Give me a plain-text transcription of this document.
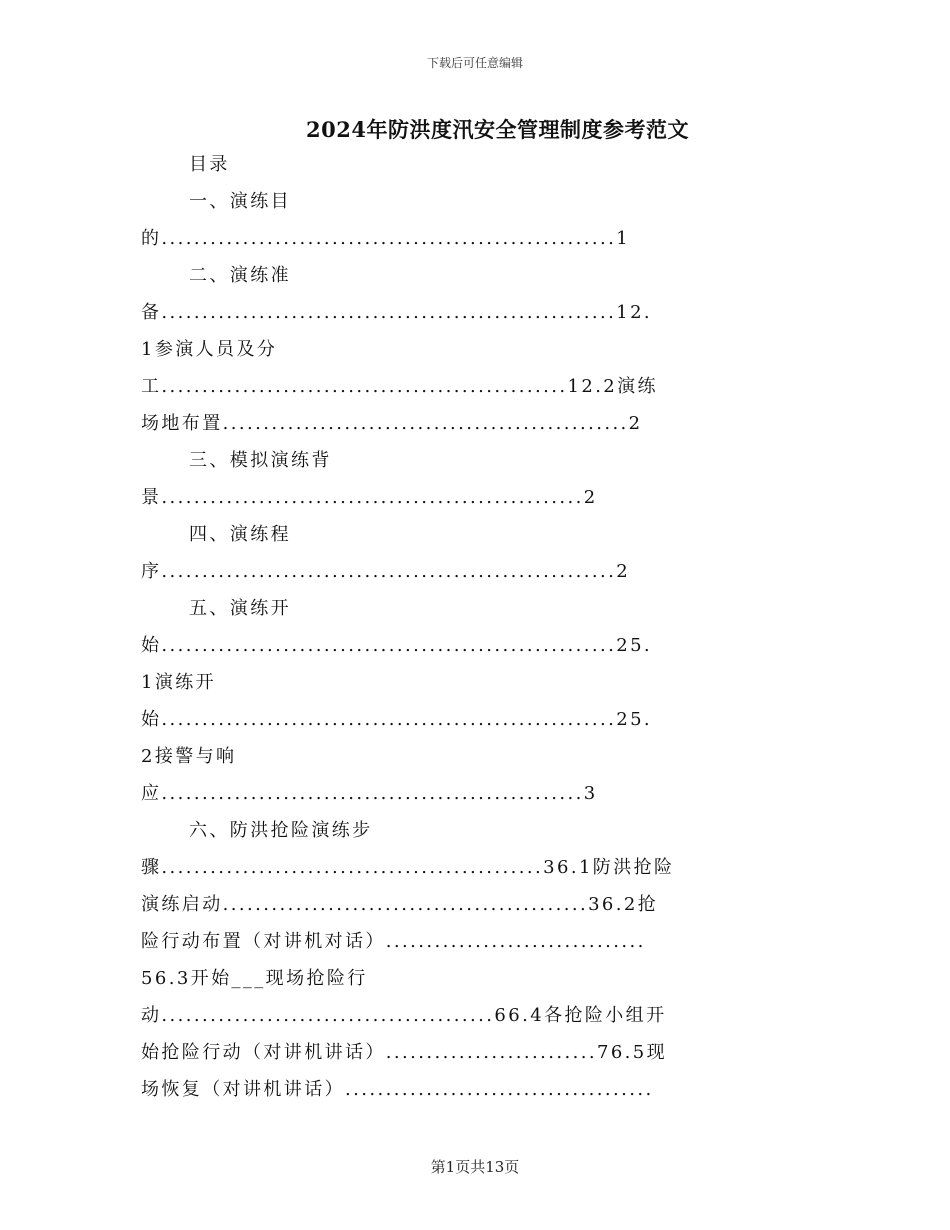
下载后可任意编辑
2024年防洪度汛安全管理制度参考范文
目录
一、演练目
的........................................................1
二、演练准
备........................................................12.
1参演人员及分
工..................................................12.2演练
场地布置..................................................2
三、模拟演练背
景....................................................2
四、演练程
序........................................................2
五、演练开
始........................................................25.
1演练开
始........................................................25.
2接警与响
应....................................................3
六、防洪抢险演练步
骤...............................................36.1防洪抢险
演练启动.............................................36.2抢
险行动布置（对讲机对话）................................
56.3开始___现场抢险行
动.........................................66.4各抢险小组开
始抢险行动（对讲机讲话）..........................76.5现
场恢复（对讲机讲话）......................................
第1页共13页
